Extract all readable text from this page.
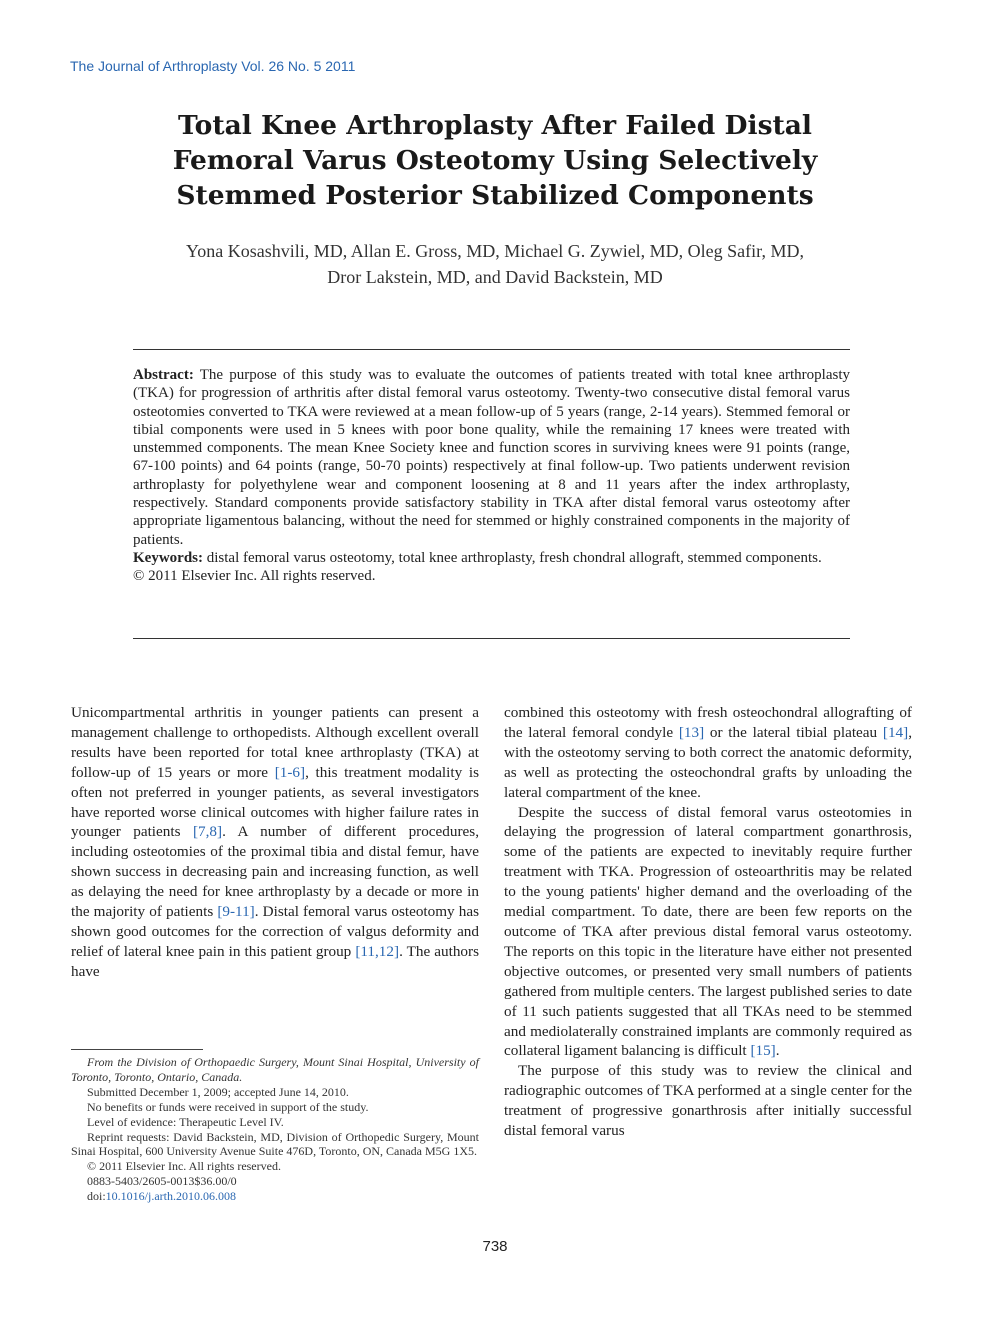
The Journal of Arthroplasty Vol. 26 No. 5 2011
Total Knee Arthroplasty After Failed Distal
Femoral Varus Osteotomy Using Selectively
Stemmed Posterior Stabilized Components
Yona Kosashvili, MD, Allan E. Gross, MD, Michael G. Zywiel, MD, Oleg Safir, MD,
Dror Lakstein, MD, and David Backstein, MD

Abstract: The purpose of this study was to evaluate the outcomes of patients treated with total knee arthroplasty (TKA) for progression of arthritis after distal femoral varus osteotomy. Twenty-two consecutive distal femoral varus osteotomies converted to TKA were reviewed at a mean follow-up of 5 years (range, 2-14 years). Stemmed femoral or tibial components were used in 5 knees with poor bone quality, while the remaining 17 knees were treated with unstemmed components. The mean Knee Society knee and function scores in surviving knees were 91 points (range, 67-100 points) and 64 points (range, 50-70 points) respectively at final follow-up. Two patients underwent revision arthroplasty for polyethylene wear and component loosening at 8 and 11 years after the index arthroplasty, respectively. Standard components provide satisfactory stability in TKA after distal femoral varus osteotomy after appropriate ligamentous balancing, without the need for stemmed or highly constrained components in the majority of patients.

Keywords: distal femoral varus osteotomy, total knee arthroplasty, fresh chondral allograft, stemmed components.

© 2011 Elsevier Inc. All rights reserved.

Unicompartmental arthritis in younger patients can present a management challenge to orthopedists. Although excellent overall results have been reported for total knee arthroplasty (TKA) at follow-up of 15 years or more [1-6], this treatment modality is often not preferred in younger patients, as several investigators have reported worse clinical outcomes with higher failure rates in younger patients [7,8]. A number of different procedures, including osteotomies of the proximal tibia and distal femur, have shown success in decreasing pain and increasing function, as well as delaying the need for knee arthroplasty by a decade or more in the majority of patients [9-11]. Distal femoral varus osteotomy has shown good outcomes for the correction of valgus deformity and relief of lateral knee pain in this patient group [11,12]. The authors have

combined this osteotomy with fresh osteochondral allografting of the lateral femoral condyle [13] or the lateral tibial plateau [14], with the osteotomy serving to both correct the anatomic deformity, as well as protecting the osteochondral grafts by unloading the lateral compartment of the knee.

Despite the success of distal femoral varus osteotomies in delaying the progression of lateral compartment gonarthrosis, some of the patients are expected to inevitably require further treatment with TKA. Progression of osteoarthritis may be related to the young patients' higher demand and the overloading of the medial compartment. To date, there are been few reports on the outcome of TKA after previous distal femoral varus osteotomy. The reports on this topic in the literature have either not presented objective outcomes, or presented very small numbers of patients gathered from multiple centers. The largest published series to date of 11 such patients suggested that all TKAs need to be stemmed and mediolaterally constrained implants are commonly required as collateral ligament balancing is difficult [15].

The purpose of this study was to review the clinical and radiographic outcomes of TKA performed at a single center for the treatment of progressive gonarthrosis after initially successful distal femoral varus

From the Division of Orthopaedic Surgery, Mount Sinai Hospital, University of Toronto, Toronto, Ontario, Canada.

Submitted December 1, 2009; accepted June 14, 2010.

No benefits or funds were received in support of the study.

Level of evidence: Therapeutic Level IV.

Reprint requests: David Backstein, MD, Division of Orthopedic Surgery, Mount Sinai Hospital, 600 University Avenue Suite 476D, Toronto, ON, Canada M5G 1X5.

© 2011 Elsevier Inc. All rights reserved.

0883-5403/2605-0013$36.00/0

doi:10.1016/j.arth.2010.06.008

738
